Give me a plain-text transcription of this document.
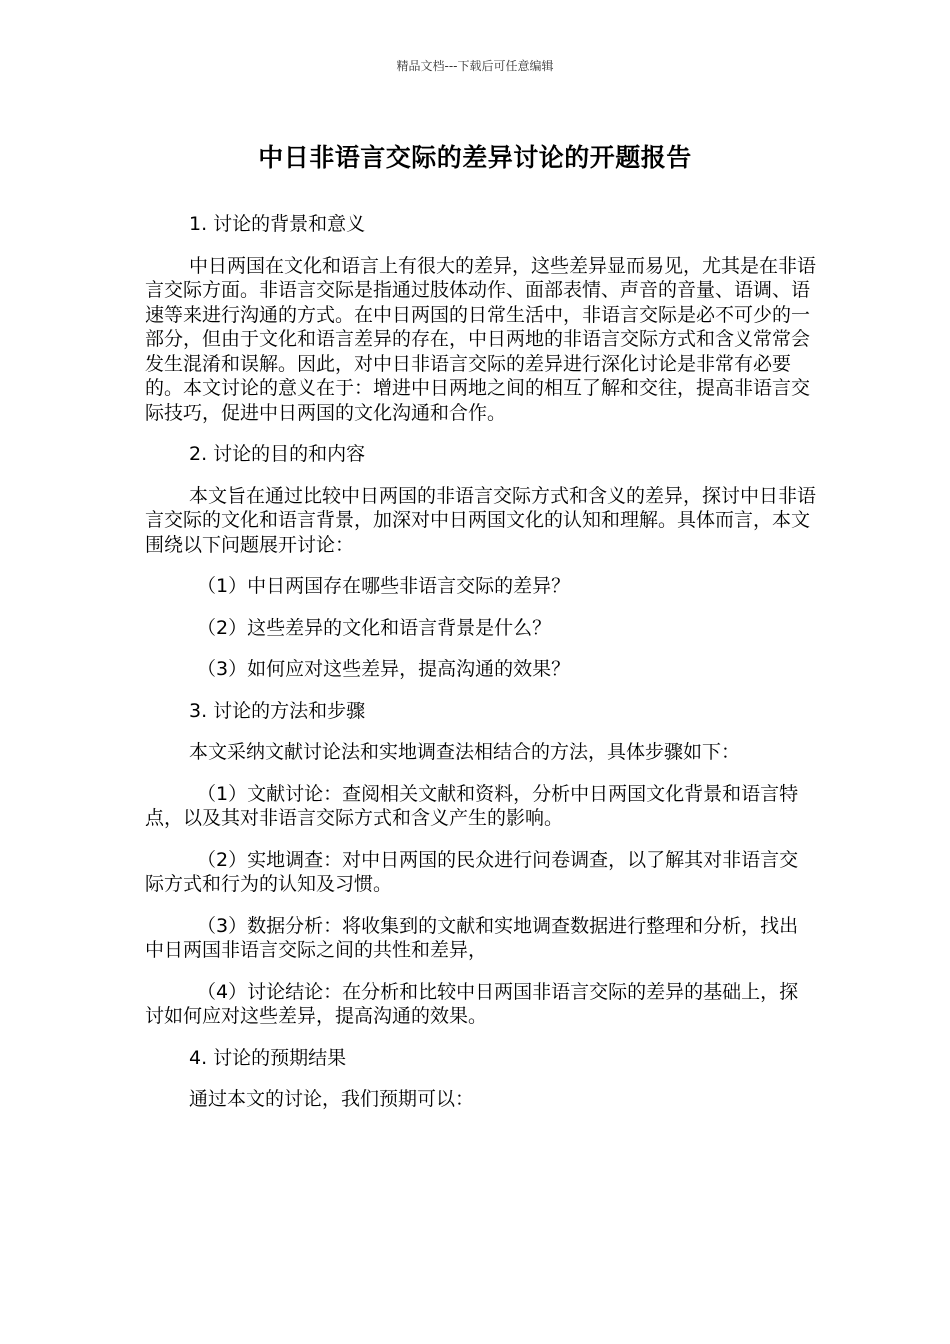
精品文档---下载后可任意编辑
中日非语言交际的差异讨论的开题报告

1. 讨论的背景和意义

中日两国在文化和语言上有很大的差异，这些差异显而易见，尤其是在非语言交际方面。非语言交际是指通过肢体动作、面部表情、声音的音量、语调、语速等来进行沟通的方式。在中日两国的日常生活中，非语言交际是必不可少的一部分，但由于文化和语言差异的存在，中日两地的非语言交际方式和含义常常会发生混淆和误解。因此，对中日非语言交际的差异进行深化讨论是非常有必要的。本文讨论的意义在于：增进中日两地之间的相互了解和交往，提高非语言交际技巧，促进中日两国的文化沟通和合作。

2. 讨论的目的和内容

本文旨在通过比较中日两国的非语言交际方式和含义的差异，探讨中日非语言交际的文化和语言背景，加深对中日两国文化的认知和理解。具体而言，本文围绕以下问题展开讨论：

（1）中日两国存在哪些非语言交际的差异？

（2）这些差异的文化和语言背景是什么？

（3）如何应对这些差异，提高沟通的效果？

3. 讨论的方法和步骤

本文采纳文献讨论法和实地调查法相结合的方法，具体步骤如下：

（1）文献讨论：查阅相关文献和资料，分析中日两国文化背景和语言特点，以及其对非语言交际方式和含义产生的影响。

（2）实地调查：对中日两国的民众进行问卷调查，以了解其对非语言交际方式和行为的认知及习惯。

（3）数据分析：将收集到的文献和实地调查数据进行整理和分析，找出中日两国非语言交际之间的共性和差异，

（4）讨论结论：在分析和比较中日两国非语言交际的差异的基础上，探讨如何应对这些差异，提高沟通的效果。

4. 讨论的预期结果

通过本文的讨论，我们预期可以：
